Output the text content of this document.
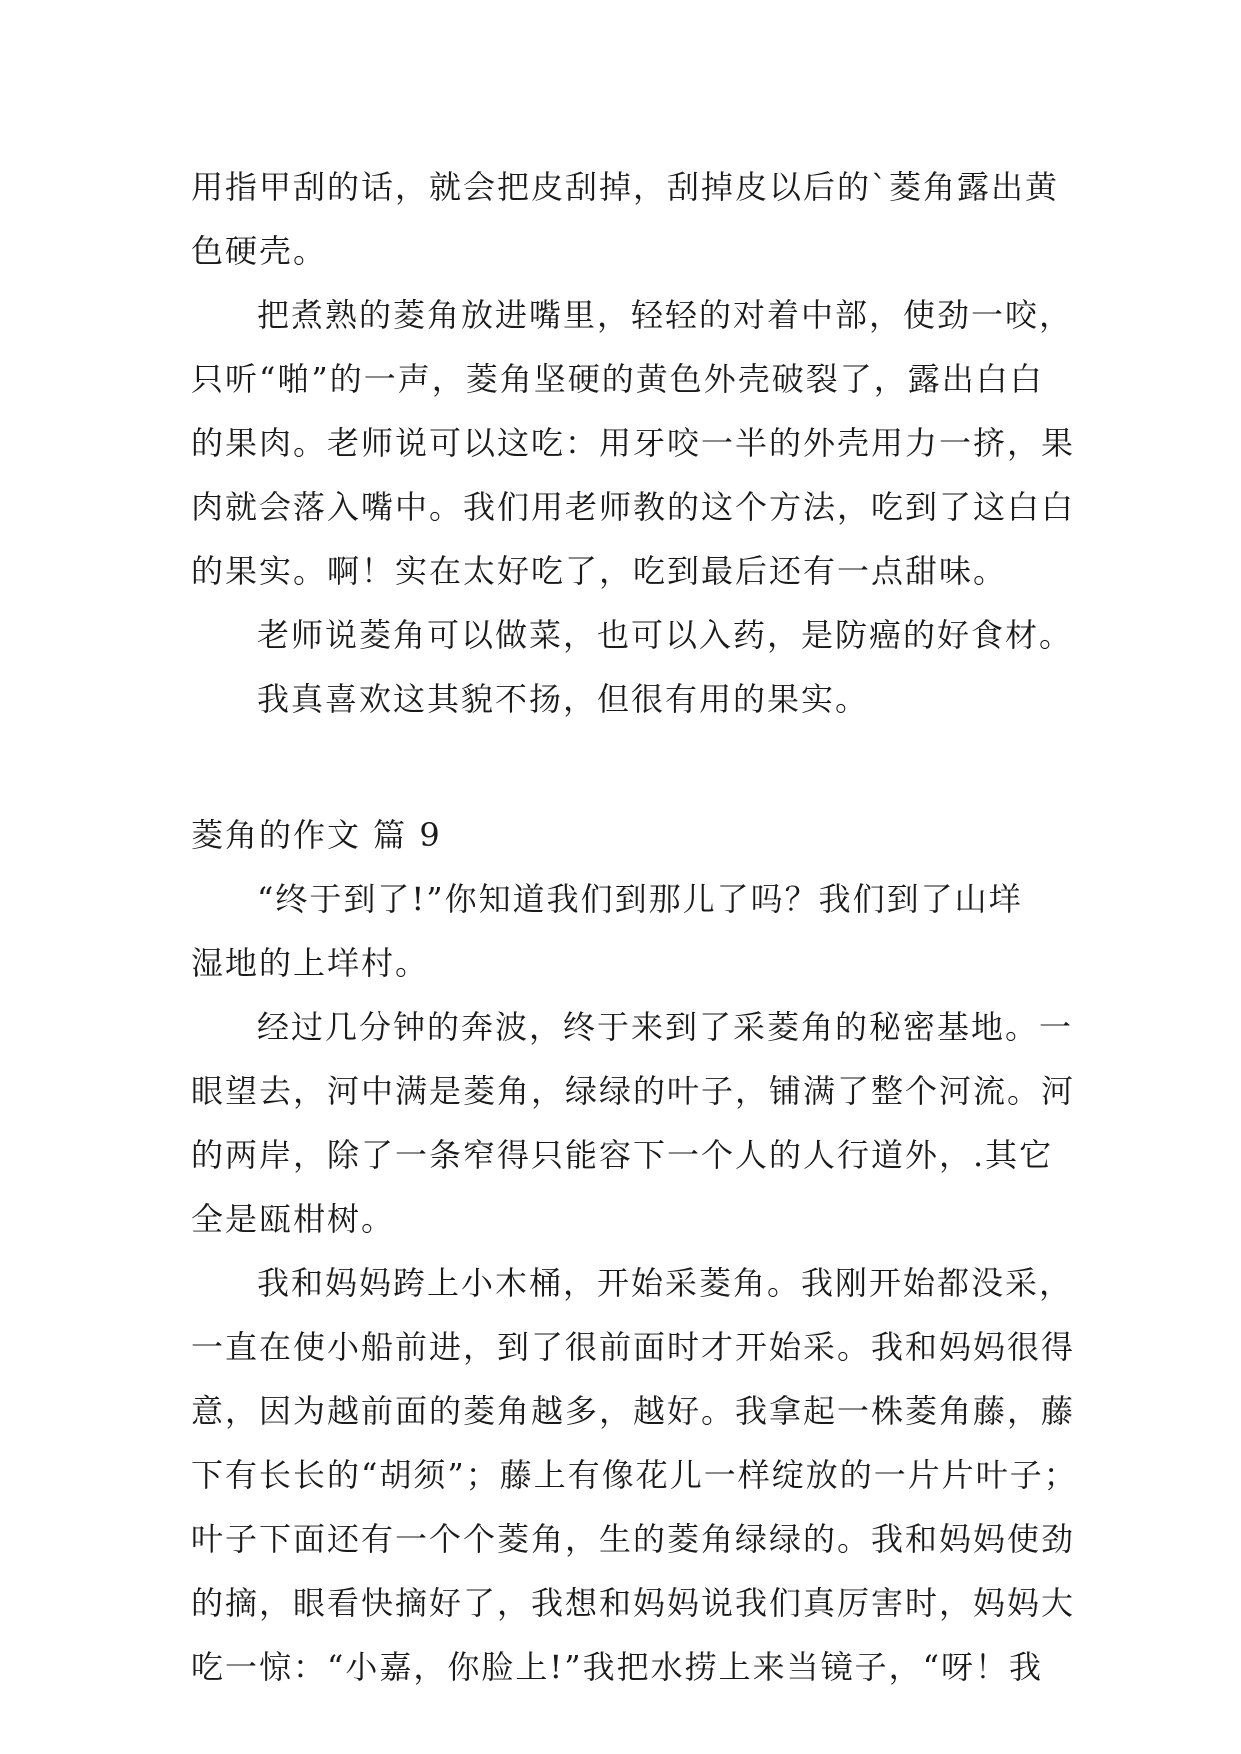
用指甲刮的话，就会把皮刮掉，刮掉皮以后的`菱角露出黄
色硬壳。
把煮熟的菱角放进嘴里，轻轻的对着中部，使劲一咬，
只听“啪”的一声，菱角坚硬的黄色外壳破裂了，露出白白
的果肉。老师说可以这吃：用牙咬一半的外壳用力一挤，果
肉就会落入嘴中。我们用老师教的这个方法，吃到了这白白
的果实。啊！实在太好吃了，吃到最后还有一点甜味。
老师说菱角可以做菜，也可以入药，是防癌的好食材。
我真喜欢这其貌不扬，但很有用的果实。
菱角的作文 篇 9
“终于到了!”你知道我们到那儿了吗？我们到了山垟
湿地的上垟村。
经过几分钟的奔波，终于来到了采菱角的秘密基地。一
眼望去，河中满是菱角，绿绿的叶子，铺满了整个河流。河
的两岸，除了一条窄得只能容下一个人的人行道外，.其它
全是瓯柑树。
我和妈妈跨上小木桶，开始采菱角。我刚开始都没采，
一直在使小船前进，到了很前面时才开始采。我和妈妈很得
意，因为越前面的菱角越多，越好。我拿起一株菱角藤，藤
下有长长的“胡须”；藤上有像花儿一样绽放的一片片叶子；
叶子下面还有一个个菱角，生的菱角绿绿的。我和妈妈使劲
的摘，眼看快摘好了，我想和妈妈说我们真厉害时，妈妈大
吃一惊：“小嘉，你脸上!”我把水捞上来当镜子，“呀！我
